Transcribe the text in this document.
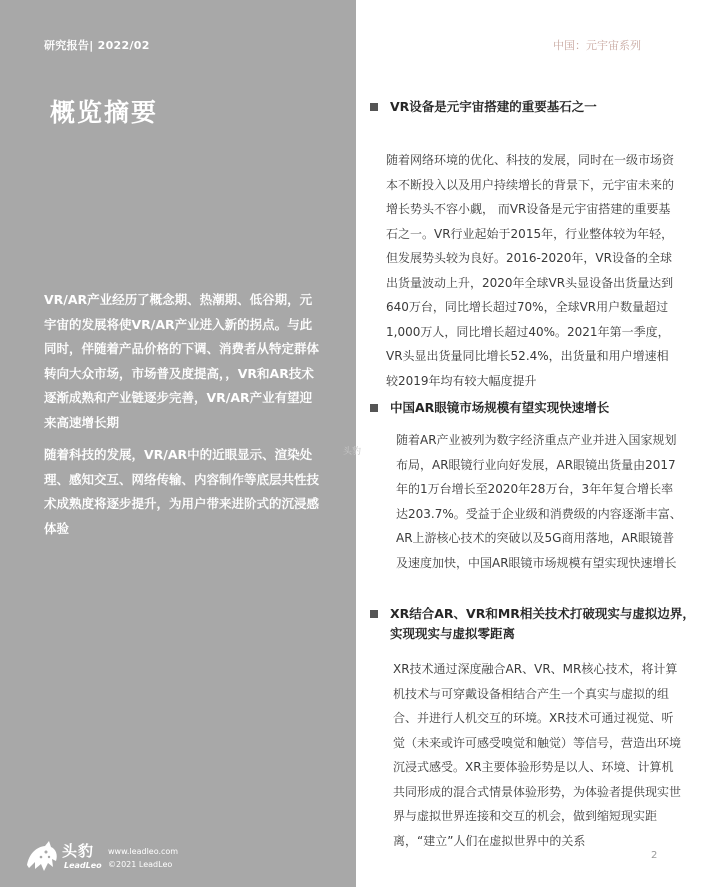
研究报告| 2022/02	中国：元宇宙系列
概览摘要

VR/AR产业经历了概念期、热潮期、低谷期，元宇宙的发展将使VR/AR产业进入新的拐点。与此同时，伴随着产品价格的下调、消费者从特定群体转向大众市场，市场普及度提高，，VR和AR技术逐渐成熟和产业链逐步完善，VR/AR产业有望迎来高速增长期

随着科技的发展，VR/AR中的近眼显示、渲染处理、感知交互、网络传输、内容制作等底层共性技术成熟度将逐步提升，为用户带来进阶式的沉浸感体验

头豹
VR设备是元宇宙搭建的重要基石之一
随着网络环境的优化、科技的发展，同时在一级市场资本不断投入以及用户持续增长的背景下，元宇宙未来的增长势头不容小觑， 而VR设备是元宇宙搭建的重要基石之一。VR行业起始于2015年，行业整体较为年轻，但发展势头较为良好。2016-2020年，VR设备的全球出货量波动上升，2020年全球VR头显设备出货量达到640万台，同比增长超过70%，全球VR用户数量超过1,000万人，同比增长超过40%。2021年第一季度，VR头显出货量同比增长52.4%，出货量和用户增速相较2019年均有较大幅度提升
中国AR眼镜市场规模有望实现快速增长
随着AR产业被列为数字经济重点产业并进入国家规划布局，AR眼镜行业向好发展，AR眼镜出货量由2017年的1万台增长至2020年28万台，3年年复合增长率达203.7%。受益于企业级和消费级的内容逐渐丰富、AR上游核心技术的突破以及5G商用落地，AR眼镜普及速度加快，中国AR眼镜市场规模有望实现快速增长
XR结合AR、VR和MR相关技术打破现实与虚拟边界，实现现实与虚拟零距离
XR技术通过深度融合AR、VR、MR核心技术，将计算机技术与可穿戴设备相结合产生一个真实与虚拟的组合、并进行人机交互的环境。XR技术可通过视觉、听觉（未来或许可感受嗅觉和触觉）等信号，营造出环境沉浸式感受。XR主要体验形势是以人、环境、计算机共同形成的混合式情景体验形势，为体验者提供现实世界与虚拟世界连接和交互的机会，做到缩短现实距离，“建立”人们在虚拟世界中的关系
头豹
LeadLeo
www.leadleo.com
©2021 LeadLeo
2
